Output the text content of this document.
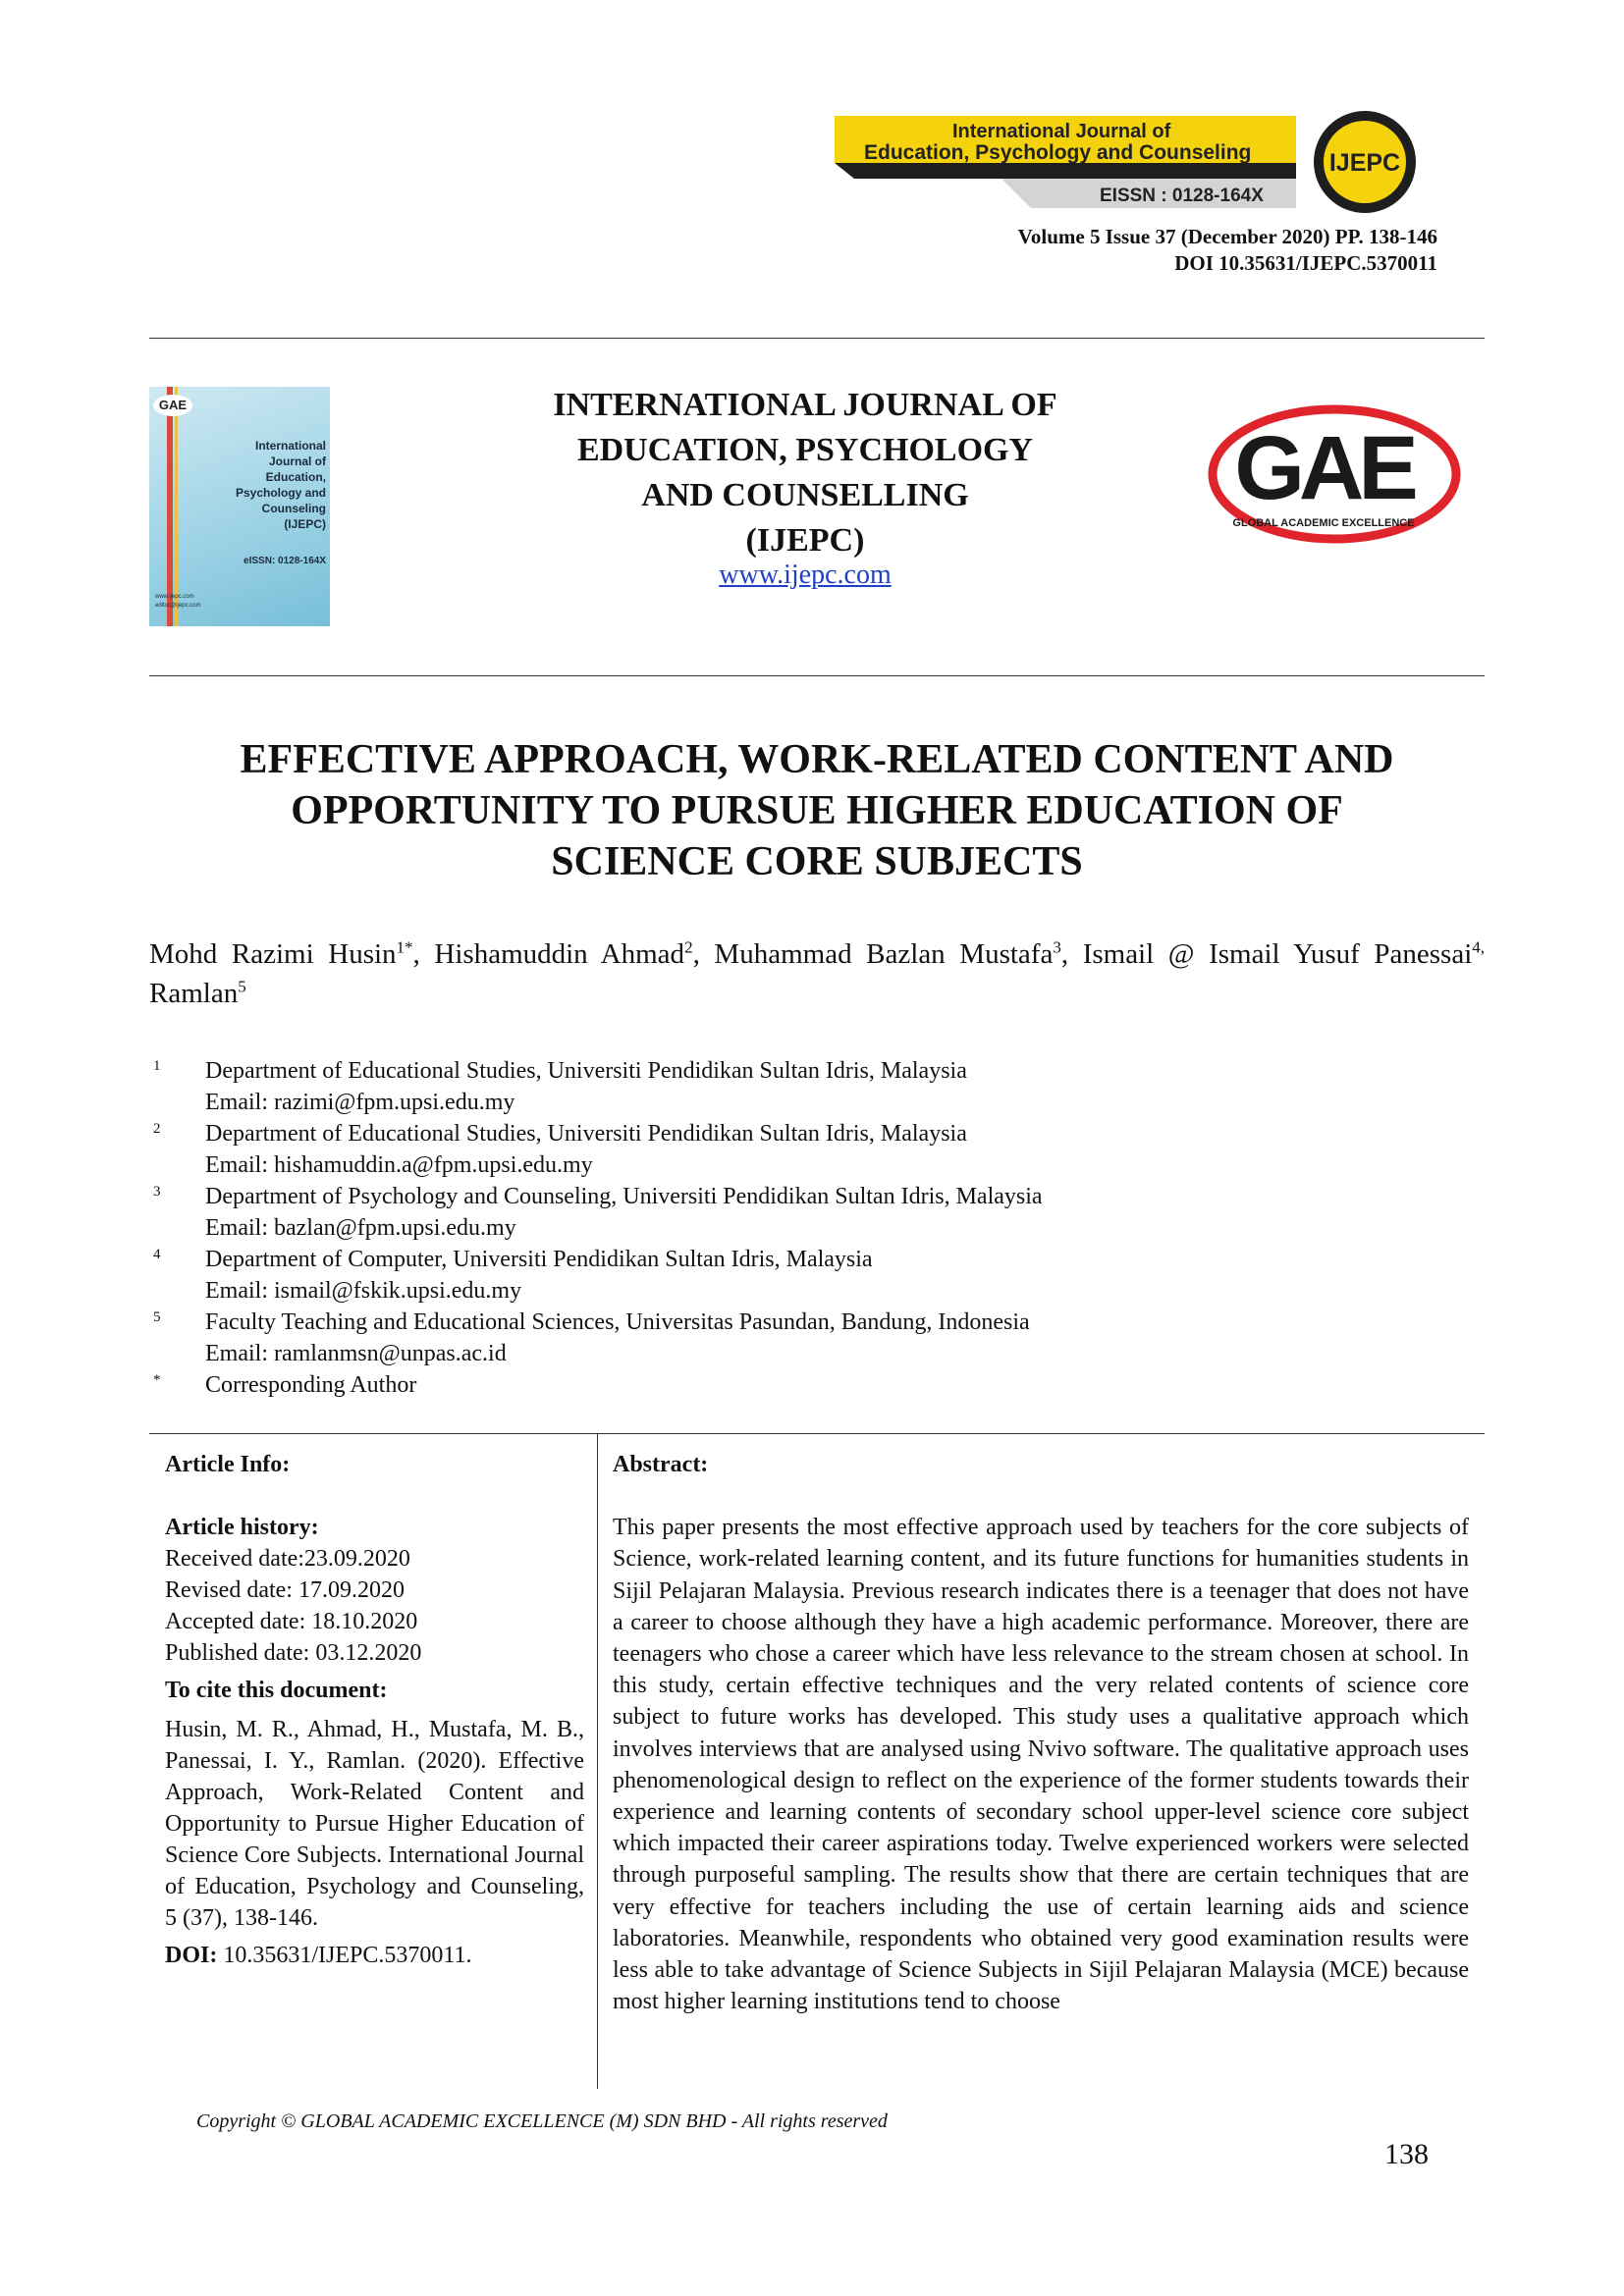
International Journal of
Education, Psychology and Counseling
EISSN : 0128-164X
IJEPC
Volume 5 Issue 37 (December 2020) PP. 138-146
DOI 10.35631/IJEPC.5370011
GAE
International Journal of Education, Psychology and Counseling (IJEPC)
eISSN: 0128-164X
www.ijepc.com
editor@ijepc.com
INTERNATIONAL JOURNAL OF
EDUCATION, PSYCHOLOGY
AND COUNSELLING
(IJEPC)
www.ijepc.com
GAE
GLOBAL ACADEMIC EXCELLENCE
EFFECTIVE APPROACH, WORK-RELATED CONTENT AND
OPPORTUNITY TO PURSUE HIGHER EDUCATION OF
SCIENCE CORE SUBJECTS
Mohd Razimi Husin$^{1*}$, Hishamuddin Ahmad$^2$, Muhammad Bazlan Mustafa$^3$, Ismail @ Ismail Yusuf Panessai$^{4,}$ Ramlan$^5$
1 Department of Educational Studies, Universiti Pendidikan Sultan Idris, Malaysia
Email: razimi@fpm.upsi.edu.my
2 Department of Educational Studies, Universiti Pendidikan Sultan Idris, Malaysia
Email: hishamuddin.a@fpm.upsi.edu.my
3 Department of Psychology and Counseling, Universiti Pendidikan Sultan Idris, Malaysia
Email: bazlan@fpm.upsi.edu.my
4 Department of Computer, Universiti Pendidikan Sultan Idris, Malaysia
Email: ismail@fskik.upsi.edu.my
5 Faculty Teaching and Educational Sciences, Universitas Pasundan, Bandung, Indonesia
Email: ramlanmsn@unpas.ac.id
* Corresponding Author
Article Info:
Article history:
Received date:23.09.2020
Revised date: 17.09.2020
Accepted date: 18.10.2020
Published date: 03.12.2020
To cite this document:
Husin, M. R., Ahmad, H., Mustafa, M. B., Panessai, I. Y., Ramlan. (2020). Effective Approach, Work-Related Content and Opportunity to Pursue Higher Education of Science Core Subjects. International Journal of Education, Psychology and Counseling, 5 (37), 138-146.
DOI: 10.35631/IJEPC.5370011.
Abstract:
This paper presents the most effective approach used by teachers for the core subjects of Science, work-related learning content, and its future functions for humanities students in Sijil Pelajaran Malaysia. Previous research indicates there is a teenager that does not have a career to choose although they have a high academic performance. Moreover, there are teenagers who chose a career which have less relevance to the stream chosen at school. In this study, certain effective techniques and the very related contents of science core subject to future works has developed. This study uses a qualitative approach which involves interviews that are analysed using Nvivo software. The qualitative approach uses phenomenological design to reflect on the experience of the former students towards their experience and learning contents of secondary school upper-level science core subject which impacted their career aspirations today. Twelve experienced workers were selected through purposeful sampling. The results show that there are certain techniques that are very effective for teachers including the use of certain learning aids and science laboratories. Meanwhile, respondents who obtained very good examination results were less able to take advantage of Science Subjects in Sijil Pelajaran Malaysia (MCE) because most higher learning institutions tend to choose
Copyright © GLOBAL ACADEMIC EXCELLENCE (M) SDN BHD - All rights reserved
138
